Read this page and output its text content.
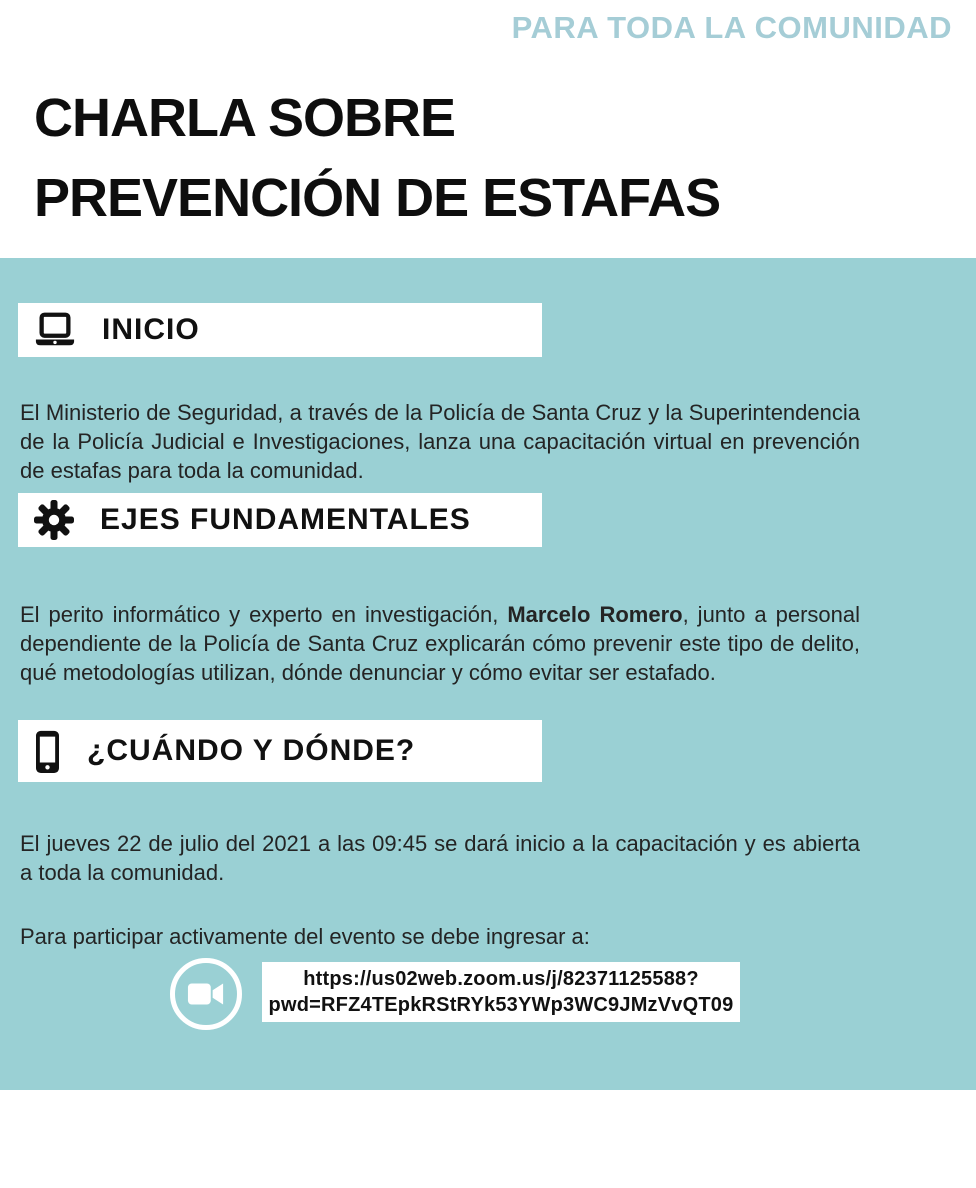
PARA TODA LA COMUNIDAD
CHARLA SOBRE
PREVENCIÓN DE ESTAFAS
INICIO

El Ministerio de Seguridad, a través de la Policía de Santa Cruz y la Superintendencia de la Policía Judicial e Investigaciones, lanza una capacitación virtual en prevención de estafas para toda la comunidad.

EJES FUNDAMENTALES

El perito informático y experto en investigación, Marcelo Romero, junto a personal dependiente de la Policía de Santa Cruz explicarán cómo prevenir este tipo de delito, qué metodologías utilizan, dónde denunciar y cómo evitar ser estafado.

¿CUÁNDO Y DÓNDE?

El jueves 22 de julio del 2021 a las 09:45 se dará inicio a la capacitación y es abierta a toda la comunidad.

Para participar activamente del evento se debe ingresar a:

https://us02web.zoom.us/j/82371125588?
pwd=RFZ4TEpkRStRYk53YWp3WC9JMzVvQT09
